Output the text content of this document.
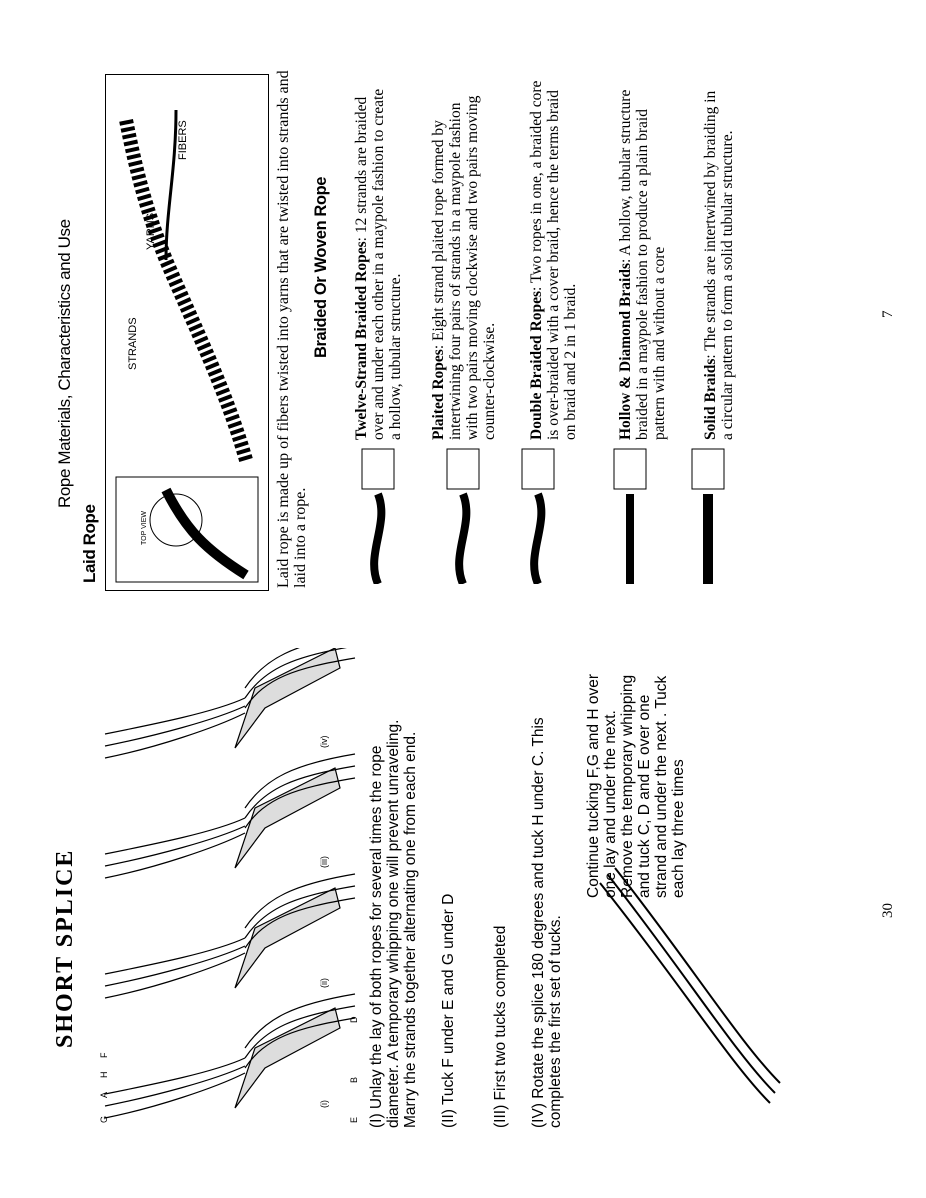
SHORT SPLICE
G
A
H
F
E
B
D
(i)
(ii)
(iii)
(iv)
(I) Unlay the lay of both ropes for several times the rope diameter. A temporary whipping one will prevent unraveling. Marry the strands together alternating one from each end. (II) Tuck F under E and G under D (III) First two tucks completed (IV) Rotate the splice 180 degrees and tuck H under C. This completes the first set of tucks.
Continue tucking F,G and H over one lay and under the next. Remove the temporary whipping and tuck C, D and E over one strand and under the next . Tuck each lay three times
30
Rope Materials, Characteristics and Use
Laid Rope	TOP VIEW
STRANDS
YARNS
FIBERS	Laid rope is made up of fibers twisted into yarns that are twisted into strands and laid into a rope.
Braided Or Woven Rope Twelve-Strand Braided Ropes: 12 strands are braided over and under each other in a maypole fashion to create a hollow, tubular structure. Plaited Ropes: Eight strand plaited rope formed by intertwining four pairs of strands in a maypole fashion with two pairs moving clockwise and two pairs moving counter-clockwise. Double Braided Ropes: Two ropes in one, a braided core is over-braided with a cover braid, hence the terms braid on braid and 2 in 1 braid. Hollow & Diamond Braids: A hollow, tubular structure braided in a maypole fashion to produce a plain braid pattern with and without a core Solid Braids: The strands are intertwined by braiding in a circular pattern to form a solid tubular structure.	7
